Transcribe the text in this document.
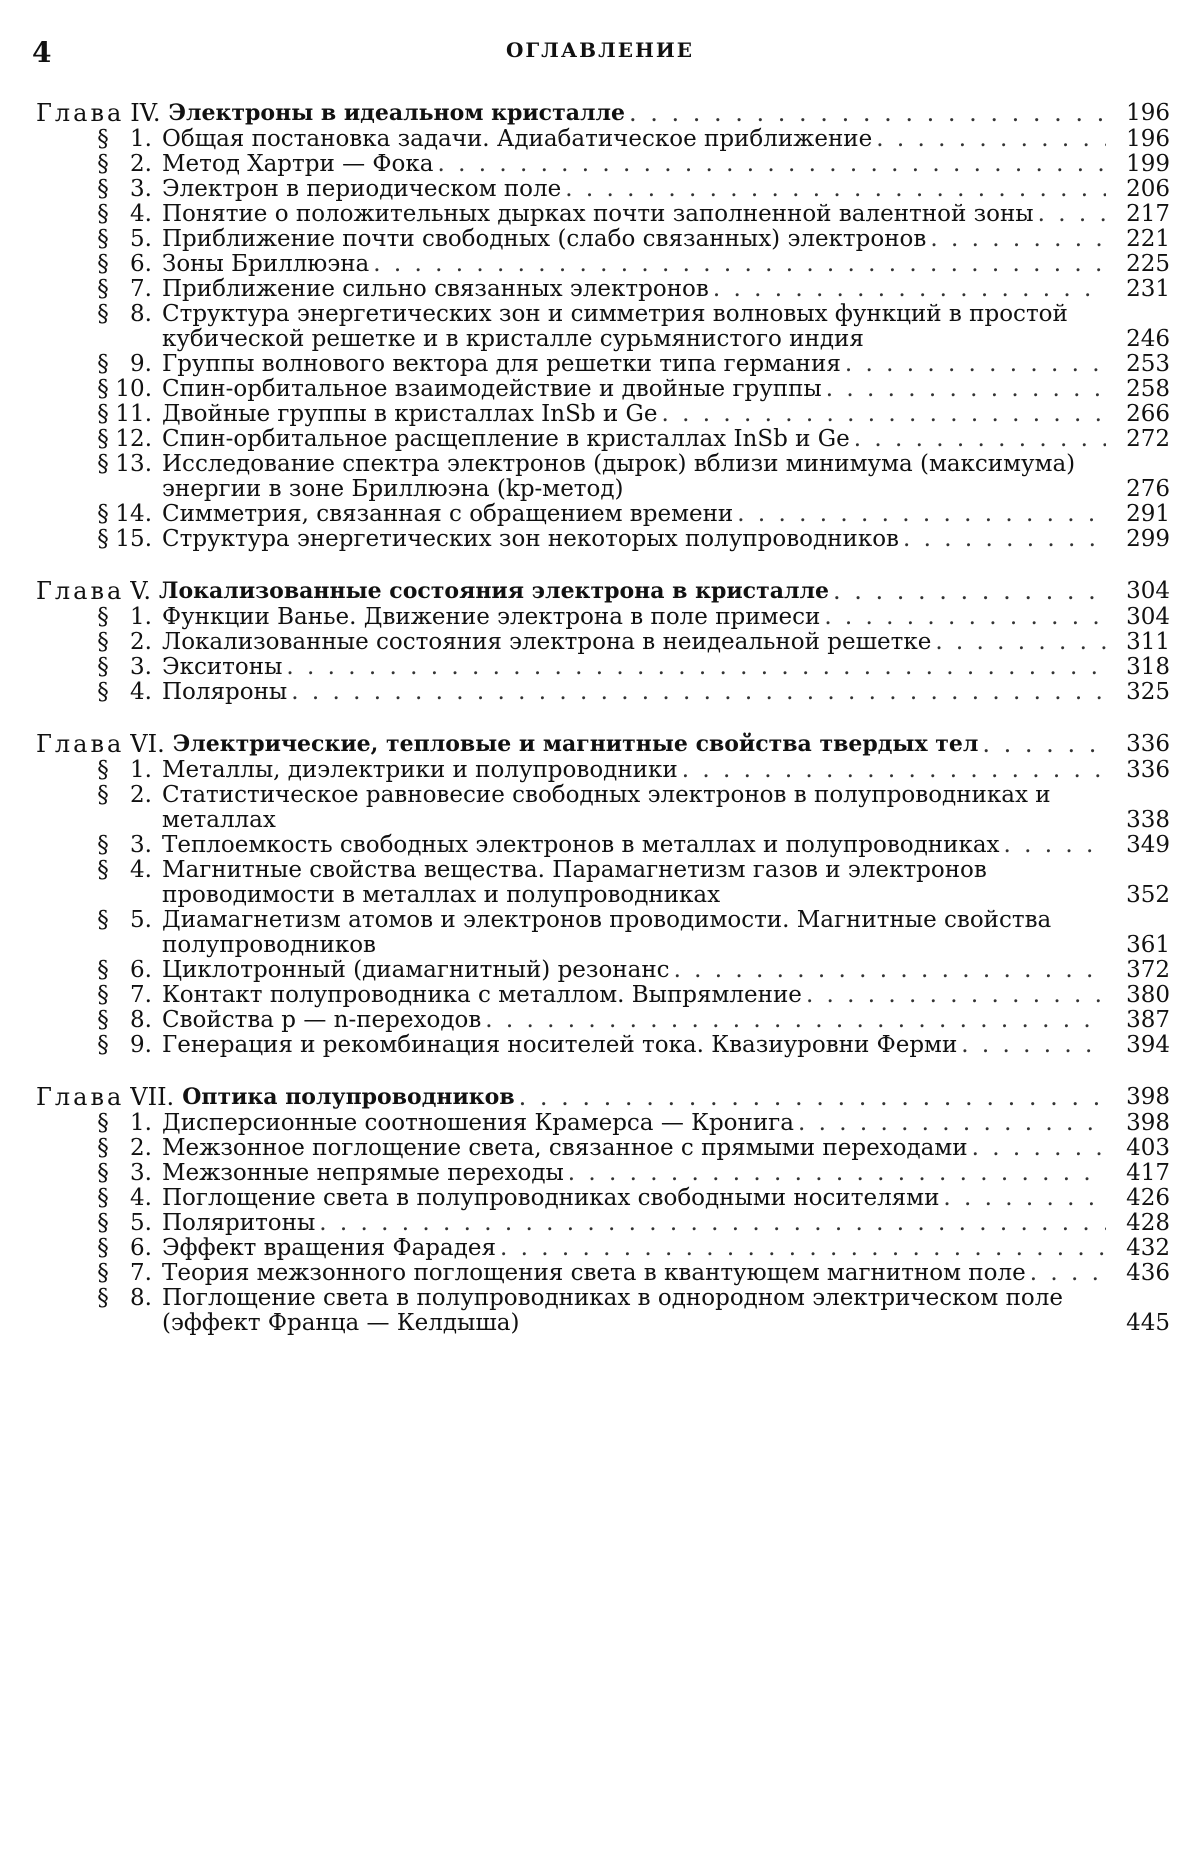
4	ОГЛАВЛЕНИЕ
Глава IV. Электроны в идеальном кристалле . . .	196
§ 1. Общая постановка задачи. Адиабатическое приближение . . .	196
§ 2. Метод Хартри — Фока . . .	199
§ 3. Электрон в периодическом поле . . .	206
§ 4. Понятие о положительных дырках почти заполненной валентной зоны . . .	217
§ 5. Приближение почти свободных (слабо связанных) электронов . . .	221
§ 6. Зоны Бриллюэна . . .	225
§ 7. Приближение сильно связанных электронов . . .	231
§ 8. Структура энергетических зон и симметрия волновых функций в простой кубической решетке и в кристалле сурьмянистого индия . . .	246
§ 9. Группы волнового вектора для решетки типа германия . . .	253
§ 10. Спин-орбитальное взаимодействие и двойные группы . . .	258
§ 11. Двойные группы в кристаллах InSb и Ge . . .	266
§ 12. Спин-орбитальное расщепление в кристаллах InSb и Ge . . .	272
§ 13. Исследование спектра электронов (дырок) вблизи минимума (максимума) энергии в зоне Бриллюэна (kp-метод) . . .	276
§ 14. Симметрия, связанная с обращением времени . . .	291
§ 15. Структура энергетических зон некоторых полупроводников . . .	299
Глава V. Локализованные состояния электрона в кристалле . . .	304
§ 1. Функции Ванье. Движение электрона в поле примеси . . .	304
§ 2. Локализованные состояния электрона в неидеальной решетке . . .	311
§ 3. Экситоны . . .	318
§ 4. Поляроны . . .	325
Глава VI. Электрические, тепловые и магнитные свойства твердых тел . . .	336
§ 1. Металлы, диэлектрики и полупроводники . . .	336
§ 2. Статистическое равновесие свободных электронов в полупроводниках и металлах . . .	338
§ 3. Теплоемкость свободных электронов в металлах и полупроводниках . . .	349
§ 4. Магнитные свойства вещества. Парамагнетизм газов и электронов проводимости в металлах и полупроводниках . . .	352
§ 5. Диамагнетизм атомов и электронов проводимости. Магнитные свойства полупроводников . . .	361
§ 6. Циклотронный (диамагнитный) резонанс . . .	372
§ 7. Контакт полупроводника с металлом. Выпрямление . . .	380
§ 8. Свойства p — n-переходов . . .	387
§ 9. Генерация и рекомбинация носителей тока. Квазиуровни Ферми . . .	394
Глава VII. Оптика полупроводников . . .	398
§ 1. Дисперсионные соотношения Крамерса — Кронига . . .	398
§ 2. Межзонное поглощение света, связанное с прямыми переходами . . .	403
§ 3. Межзонные непрямые переходы . . .	417
§ 4. Поглощение света в полупроводниках свободными носителями . . .	426
§ 5. Поляритоны . . .	428
§ 6. Эффект вращения Фарадея . . .	432
§ 7. Теория межзонного поглощения света в квантующем магнитном поле . . .	436
§ 8. Поглощение света в полупроводниках в однородном электрическом поле (эффект Франца — Келдыша) . . .	445
